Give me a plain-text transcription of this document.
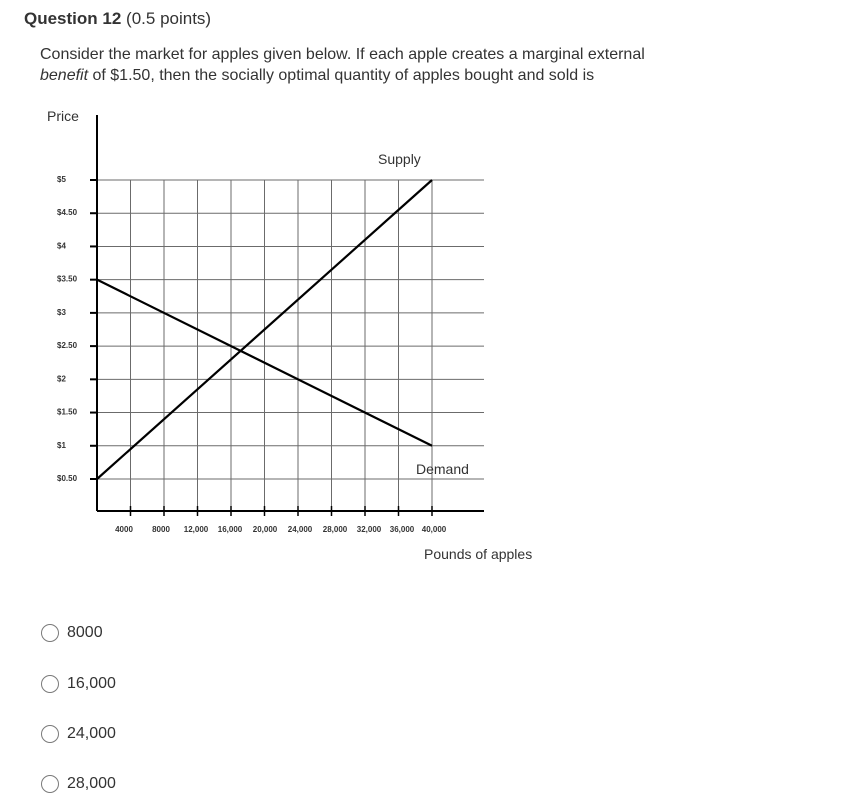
Question 12 (0.5 points)
Consider the market for apples given below. If each apple creates a marginal external
benefit of $1.50, then the socially optimal quantity of apples bought and sold is
Price
Pounds of apples
Supply
Demand
$5
$4.50
$4
$3.50
$3
$2.50
$2
$1.50
$1
$0.50
4000 8000 12,000 16,000 20,000 24,000 28,000 32,000 36,000 40,000
8000
16,000
24,000
28,000
